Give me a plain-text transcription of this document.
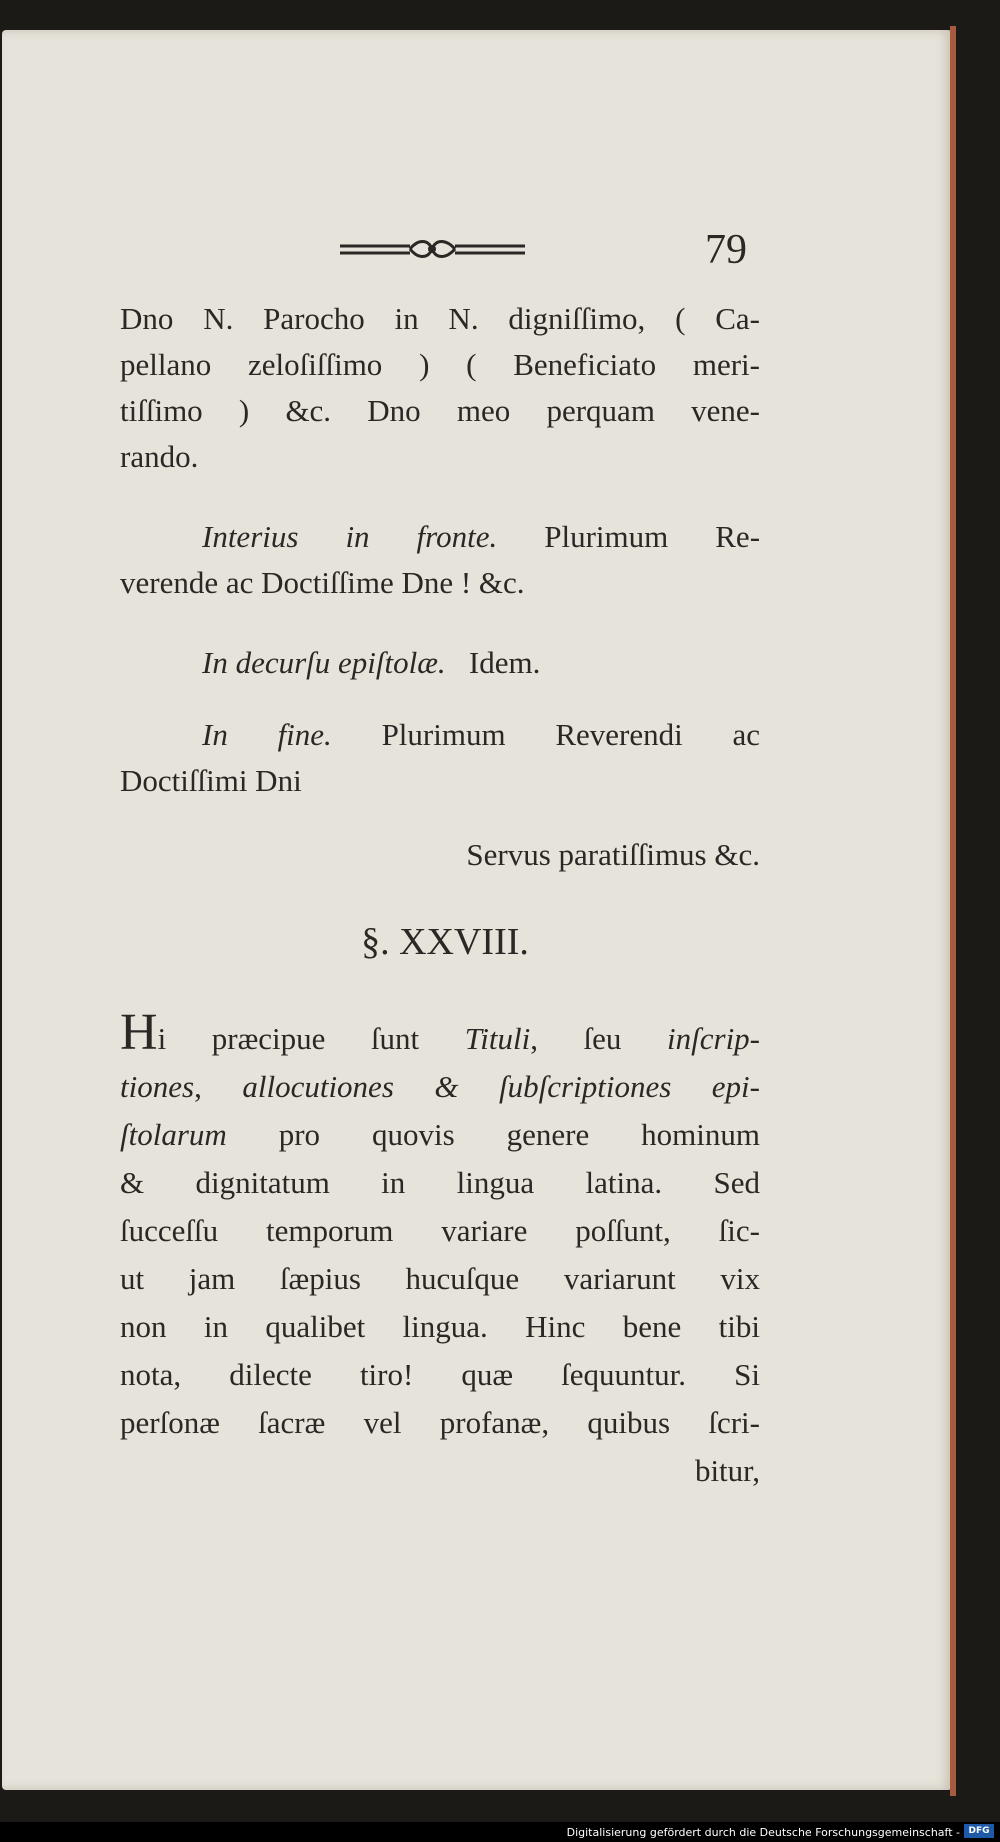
79
Dno N. Parocho in N. digniſſimo, ( Ca-
pellano zeloſiſſimo ) ( Beneficiato meri-
tiſſimo ) &c. Dno meo perquam vene-
rando.
Interius in fronte. Plurimum Re-
verende ac Doctiſſime Dne ! &c.
In decurſu epiſtolæ. Idem.
In fine. Plurimum Reverendi ac
Doctiſſimi Dni
Servus paratiſſimus &c.
§. XXVIII.
Hi præcipue ſunt Tituli, ſeu inſcrip-
tiones, allocutiones & ſubſcriptiones epi-
ſtolarum pro quovis genere hominum
& dignitatum in lingua latina. Sed
ſucceſſu temporum variare poſſunt, ſic-
ut jam ſæpius hucuſque variarunt vix
non in qualibet lingua. Hinc bene tibi
nota, dilecte tiro! quæ ſequuntur. Si
perſonæ ſacræ vel profanæ, quibus ſcri-
bitur,
Digitalisierung gefördert durch die Deutsche Forschungsgemeinschaft - DFG
